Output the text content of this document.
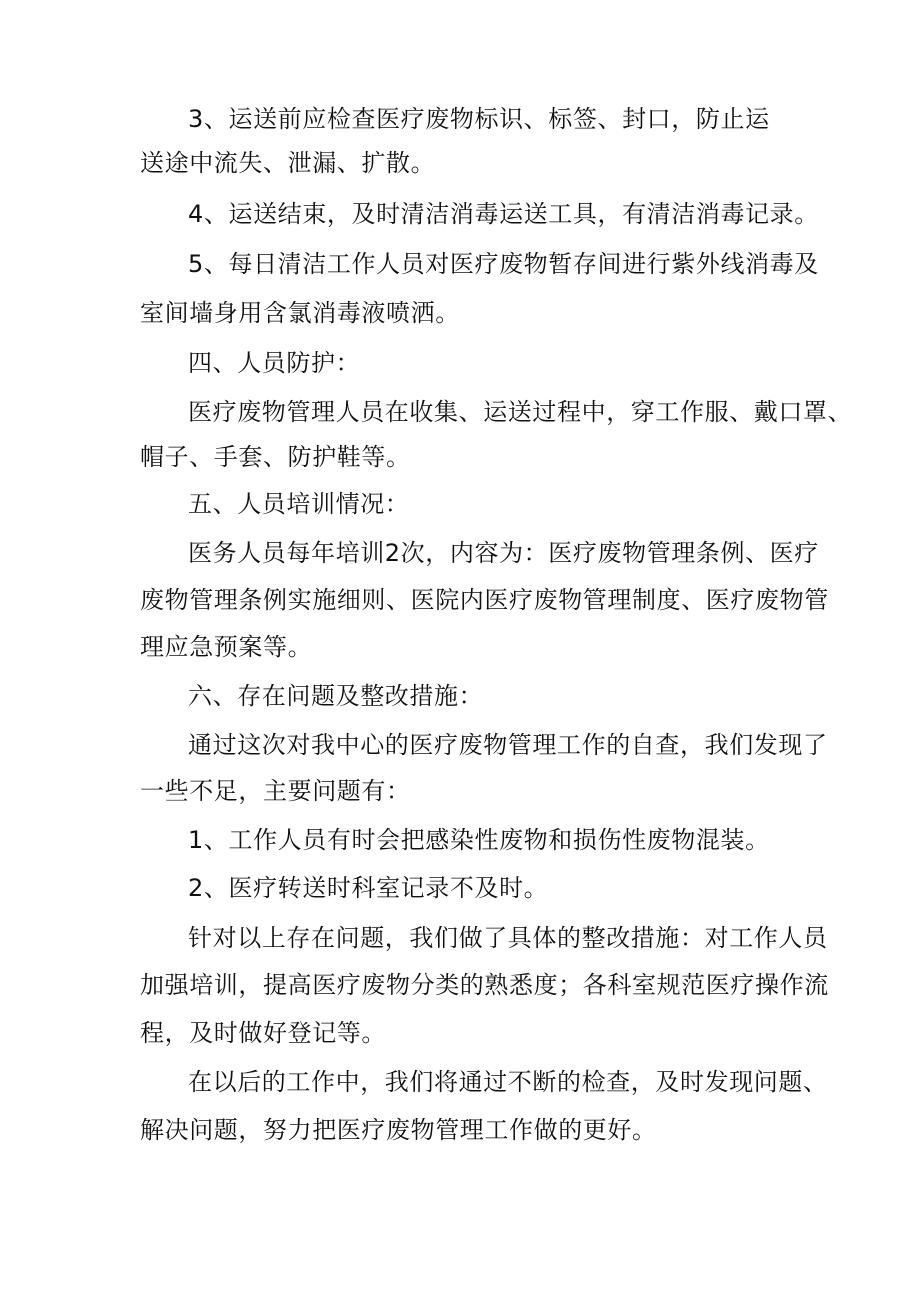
3、运送前应检查医疗废物标识、标签、封口，防止运
送途中流失、泄漏、扩散。
4、运送结束，及时清洁消毒运送工具，有清洁消毒记录。
5、每日清洁工作人员对医疗废物暂存间进行紫外线消毒及
室间墙身用含氯消毒液喷洒。
四、人员防护：
医疗废物管理人员在收集、运送过程中，穿工作服、戴口罩、
帽子、手套、防护鞋等。
五、人员培训情况：
医务人员每年培训2次，内容为：医疗废物管理条例、医疗
废物管理条例实施细则、医院内医疗废物管理制度、医疗废物管
理应急预案等。
六、存在问题及整改措施：
通过这次对我中心的医疗废物管理工作的自查，我们发现了
一些不足，主要问题有：
1、工作人员有时会把感染性废物和损伤性废物混装。
2、医疗转送时科室记录不及时。
针对以上存在问题，我们做了具体的整改措施：对工作人员
加强培训，提高医疗废物分类的熟悉度；各科室规范医疗操作流
程，及时做好登记等。
在以后的工作中，我们将通过不断的检查，及时发现问题、
解决问题，努力把医疗废物管理工作做的更好。
